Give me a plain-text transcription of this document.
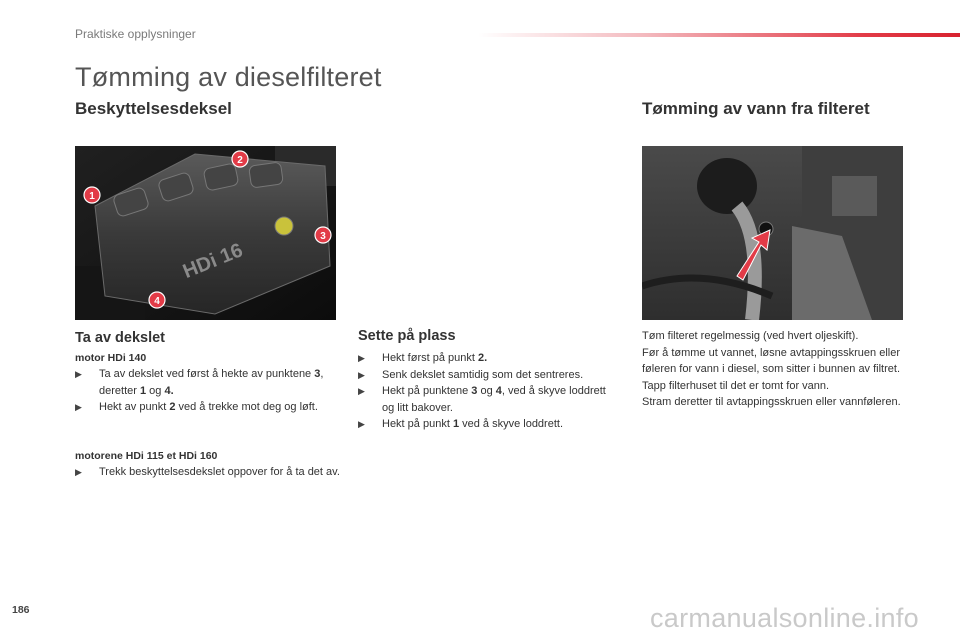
Praktiske opplysninger
Tømming av dieselfilteret
Beskyttelsesdeksel
HDi 16
1
2
3
4
Ta av dekslet
motor HDi 140
▶ Ta av dekslet ved først å hekte av punktene 3, deretter 1 og 4.
▶ Hekt av punkt 2 ved å trekke mot deg og løft.
motorene HDi 115 et HDi 160
▶ Trekk beskyttelsesdekslet oppover for å ta det av.
Sette på plass
▶ Hekt først på punkt 2.
▶ Senk dekslet samtidig som det sentreres.
▶ Hekt på punktene 3 og 4, ved å skyve loddrett og litt bakover.
▶ Hekt på punkt 1 ved å skyve loddrett.
Tømming av vann fra filteret
Tøm filteret regelmessig (ved hvert oljeskift).
Før å tømme ut vannet, løsne avtappingsskruen eller føleren for vann i diesel, som sitter i bunnen av filtret.
Tapp filterhuset til det er tomt for vann.
Stram deretter til avtappingsskruen eller vannføleren.
186	carmanualsonline.info
